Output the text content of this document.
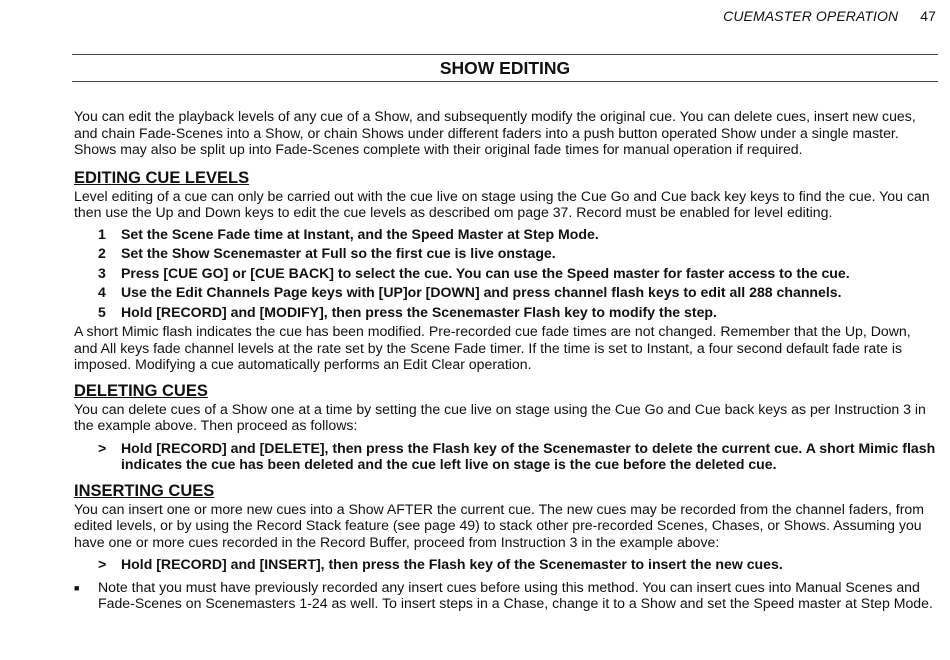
CUEMASTER OPERATION 47
SHOW EDITING

You can edit the playback levels of any cue of a Show, and subsequently modify the original cue. You can delete cues, insert new cues, and chain Fade-Scenes into a Show, or chain Shows under different faders into a push button operated Show under a single master. Shows may also be split up into Fade-Scenes complete with their original fade times for manual operation if required.

EDITING CUE LEVELS

Level editing of a cue can only be carried out with the cue live on stage using the Cue Go and Cue back key keys to find the cue. You can then use the Up and Down keys to edit the cue levels as described om page 37. Record must be enabled for level editing.

1	Set the Scene Fade time at Instant, and the Speed Master at Step Mode.
2	Set the Show Scenemaster at Full so the first cue is live onstage.
3	Press [CUE GO] or [CUE BACK] to select the cue. You can use the Speed master for faster access to the cue.
4	Use the Edit Channels Page keys with [UP]or [DOWN] and press channel flash keys to edit all 288 channels.
5	Hold [RECORD] and [MODIFY], then press the Scenemaster Flash key to modify the step.

A short Mimic flash indicates the cue has been modified. Pre-recorded cue fade times are not changed. Remember that the Up, Down, and All keys fade channel levels at the rate set by the Scene Fade timer. If the time is set to Instant, a four second default fade rate is imposed. Modifying a cue automatically performs an Edit Clear operation.

DELETING CUES

You can delete cues of a Show one at a time by setting the cue live on stage using the Cue Go and Cue back keys as per Instruction 3 in the example above. Then proceed as follows:

>	Hold [RECORD] and [DELETE], then press the Flash key of the Scenemaster to delete the current cue. A short Mimic flash indicates the cue has been deleted and the cue left live on stage is the cue before the deleted cue.
INSERTING CUES

You can insert one or more new cues into a Show AFTER the current cue. The new cues may be recorded from the channel faders, from edited levels, or by using the Record Stack feature (see page 49) to stack other pre-recorded Scenes, Chases, or Shows. Assuming you have one or more cues recorded in the Record Buffer, proceed from Instruction 3 in the example above:

>	Hold [RECORD] and [INSERT], then press the Flash key of the Scenemaster to insert the new cues.
■	Note that you must have previously recorded any insert cues before using this method. You can insert cues into Manual Scenes and Fade-Scenes on Scenemasters 1-24 as well. To insert steps in a Chase, change it to a Show and set the Speed master at Step Mode.
